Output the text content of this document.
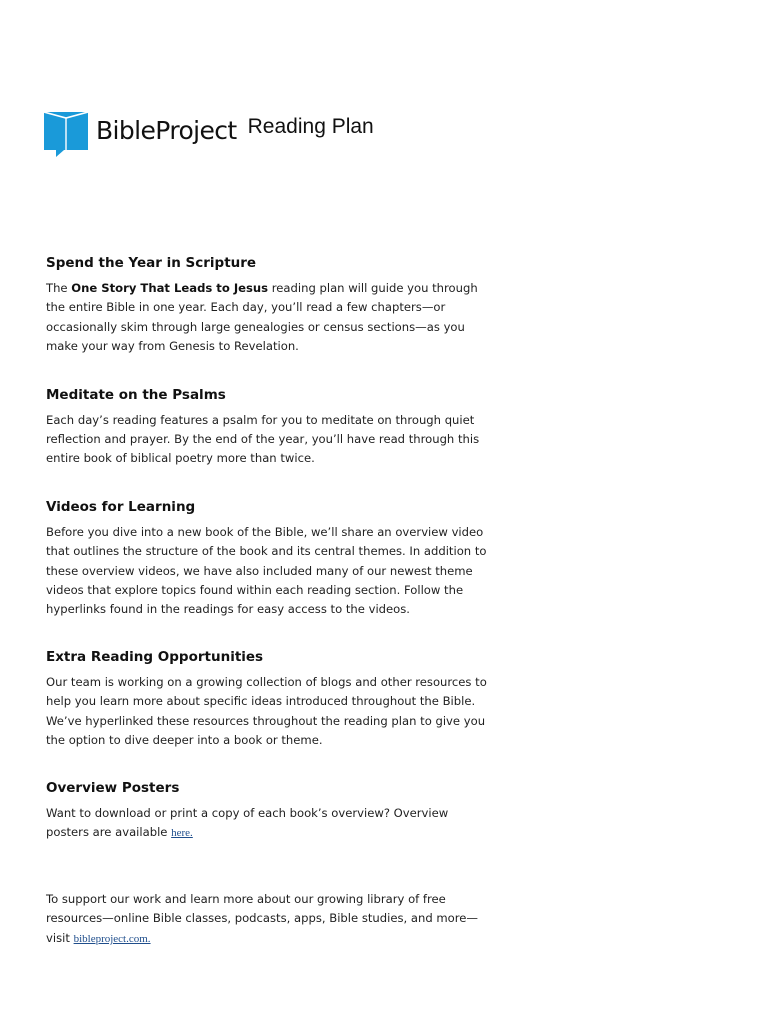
BibleProject Reading Plan
Spend the Year in Scripture

The One Story That Leads to Jesus reading plan will guide you through the entire Bible in one year. Each day, you’ll read a few chapters—or occasionally skim through large genealogies or census sections—as you make your way from Genesis to Revelation.

Meditate on the Psalms

Each day’s reading features a psalm for you to meditate on through quiet reflection and prayer. By the end of the year, you’ll have read through this entire book of biblical poetry more than twice.

Videos for Learning

Before you dive into a new book of the Bible, we’ll share an overview video that outlines the structure of the book and its central themes. In addition to these overview videos, we have also included many of our newest theme videos that explore topics found within each reading section. Follow the hyperlinks found in the readings for easy access to the videos.

Extra Reading Opportunities

Our team is working on a growing collection of blogs and other resources to help you learn more about specific ideas introduced throughout the Bible. We’ve hyperlinked these resources throughout the reading plan to give you the option to dive deeper into a book or theme.

Overview Posters

Want to download or print a copy of each book’s overview? Overview posters are available here.

To support our work and learn more about our growing library of free resources—online Bible classes, podcasts, apps, Bible studies, and more—visit bibleproject.com.
